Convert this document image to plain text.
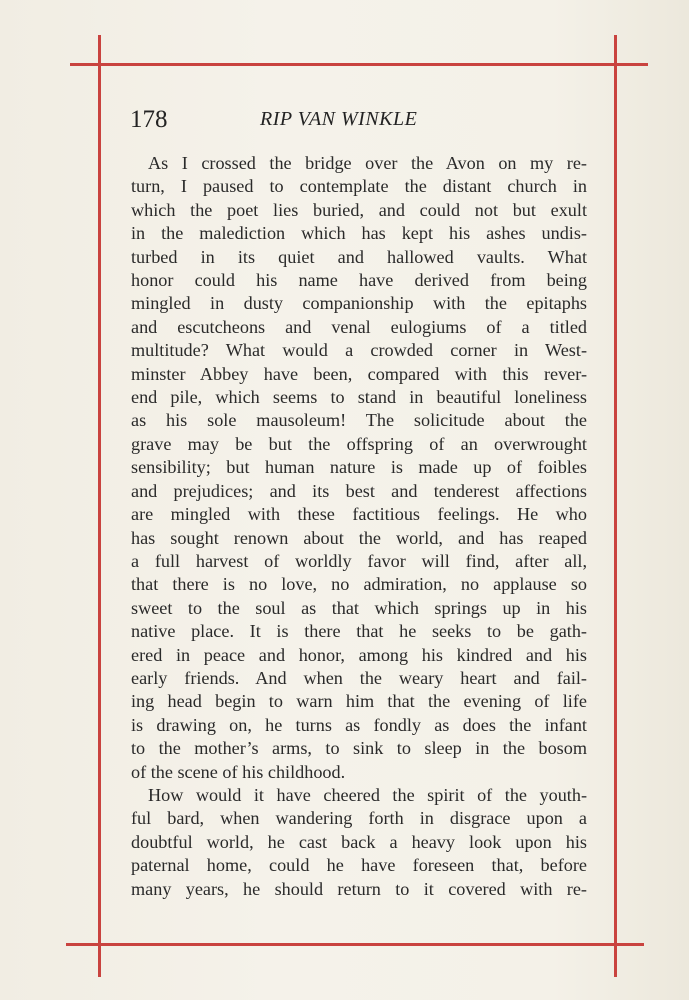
178	RIP VAN WINKLE
As I crossed the bridge over the Avon on my re-
turn, I paused to contemplate the distant church in
which the poet lies buried, and could not but exult
in the malediction which has kept his ashes undis-
turbed in its quiet and hallowed vaults. What
honor could his name have derived from being
mingled in dusty companionship with the epitaphs
and escutcheons and venal eulogiums of a titled
multitude? What would a crowded corner in West-
minster Abbey have been, compared with this rever-
end pile, which seems to stand in beautiful loneliness
as his sole mausoleum! The solicitude about the
grave may be but the offspring of an overwrought
sensibility; but human nature is made up of foibles
and prejudices; and its best and tenderest affections
are mingled with these factitious feelings. He who
has sought renown about the world, and has reaped
a full harvest of worldly favor will find, after all,
that there is no love, no admiration, no applause so
sweet to the soul as that which springs up in his
native place. It is there that he seeks to be gath-
ered in peace and honor, among his kindred and his
early friends. And when the weary heart and fail-
ing head begin to warn him that the evening of life
is drawing on, he turns as fondly as does the infant
to the mother’s arms, to sink to sleep in the bosom
of the scene of his childhood.
How would it have cheered the spirit of the youth-
ful bard, when wandering forth in disgrace upon a
doubtful world, he cast back a heavy look upon his
paternal home, could he have foreseen that, before
many years, he should return to it covered with re-
